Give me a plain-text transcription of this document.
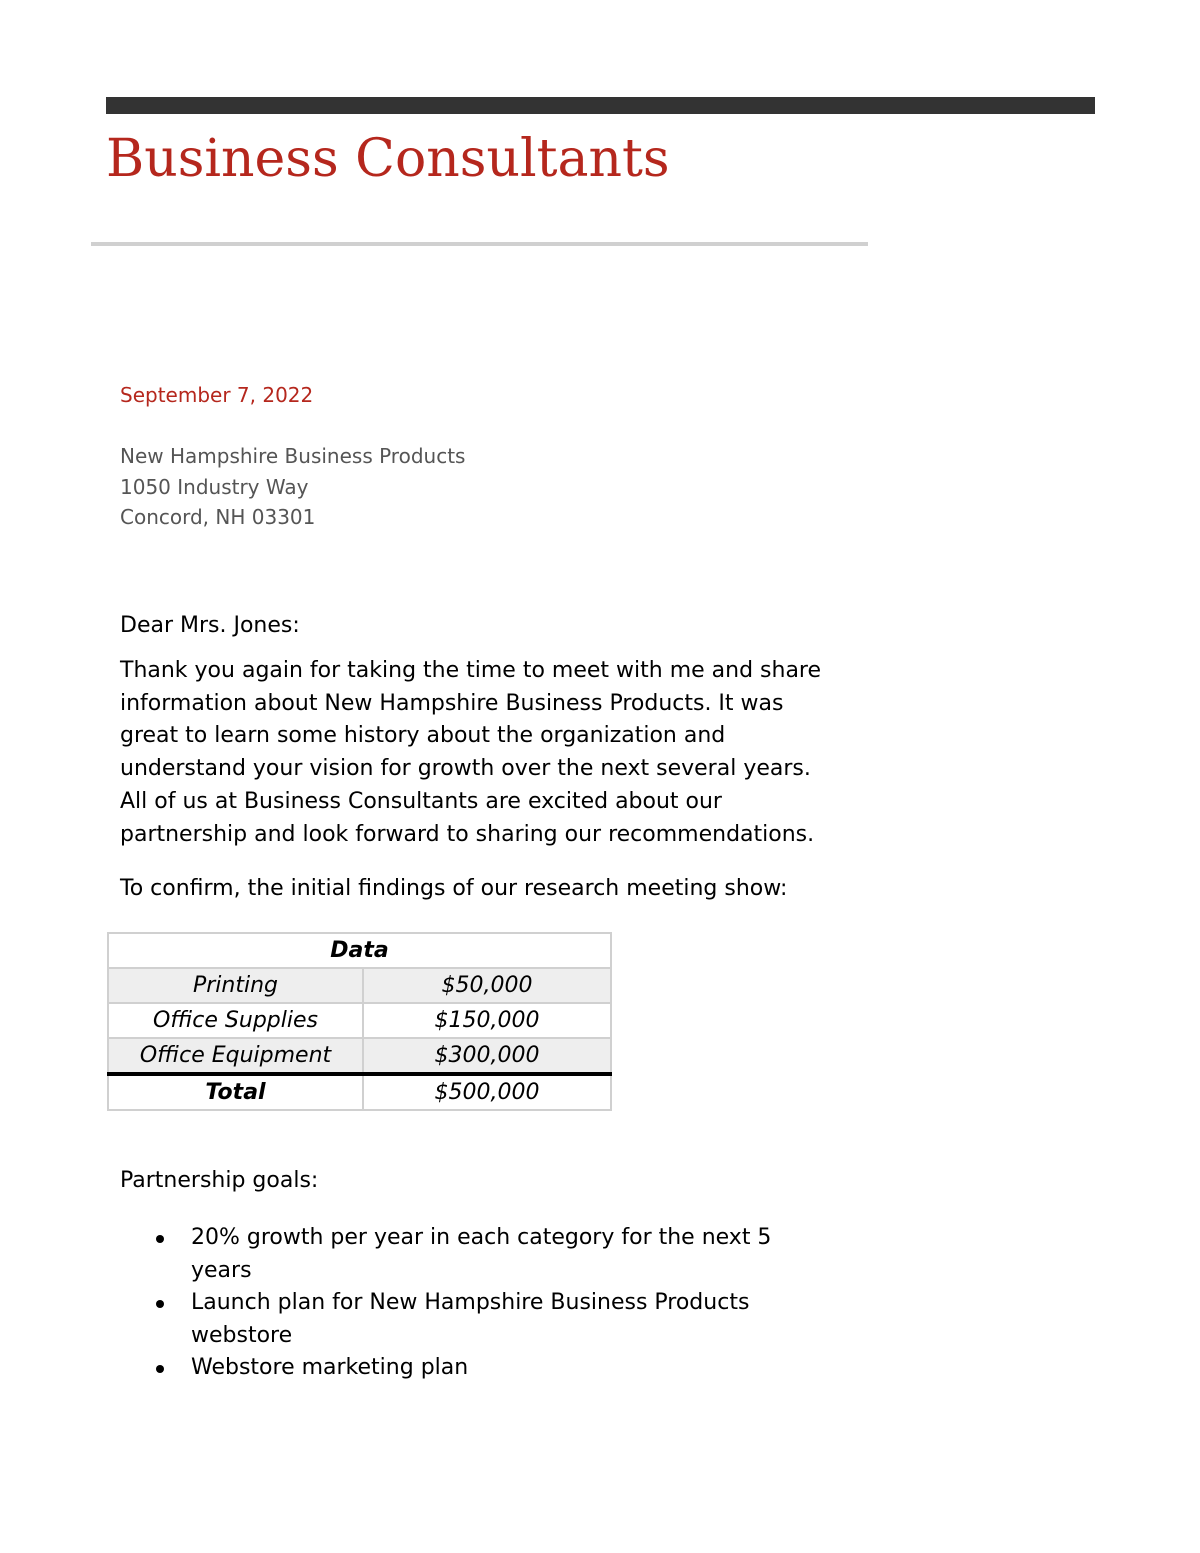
Business Consultants
September 7, 2022
New Hampshire Business Products
1050 Industry Way
Concord, NH 03301
Dear Mrs. Jones:
Thank you again for taking the time to meet with me and share
information about New Hampshire Business Products. It was
great to learn some history about the organization and
understand your vision for growth over the next several years.
All of us at Business Consultants are excited about our
partnership and look forward to sharing our recommendations.
To confirm, the initial findings of our research meeting show:
Data	
Printing	$50,000
Office Supplies	$150,000
Office Equipment	$300,000
Total	$500,000
Partnership goals:
20% growth per year in each category for the next 5
years
Launch plan for New Hampshire Business Products
webstore
Webstore marketing plan
